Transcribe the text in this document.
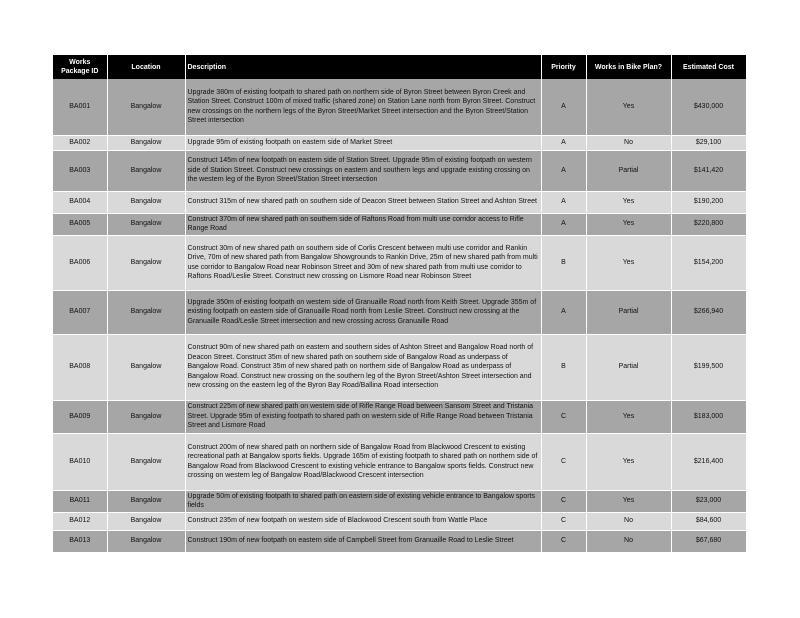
Works Package ID	Location	Description	Priority	Works in Bike Plan?	Estimated Cost
BA001	Bangalow	Upgrade 380m of existing footpath to shared path on northern side of Byron Street between Byron Creek and Station Street. Construct 100m of mixed traffic (shared zone) on Station Lane north from Byron Street. Construct new crossings on the northern legs of the Byron Street/Market Street intersection and the Byron Street/Station Street intersection	A	Yes	$430,000
BA002	Bangalow	Upgrade 95m of existing footpath on eastern side of Market Street	A	No	$29,100
BA003	Bangalow	Construct 145m of new footpath on eastern side of Station Street. Upgrade 95m of existing footpath on western side of Station Street. Construct new crossings on eastern and southern legs and upgrade existing crossing on the western leg of the Byron Street/Station Street intersection	A	Partial	$141,420
BA004	Bangalow	Construct 315m of new shared path on southern side of Deacon Street between Station Street and Ashton Street	A	Yes	$190,200
BA005	Bangalow	Construct 370m of new shared path on southern side of Raftons Road from multi use corridor access to Rifle Range Road	A	Yes	$220,800
BA006	Bangalow	Construct 30m of new shared path on southern side of Corlis Crescent between multi use corridor and Rankin Drive, 70m of new shared path from Bangalow Showgrounds to Rankin Drive, 25m of new shared path from multi use corridor to Bangalow Road near Robinson Street and 30m of new shared path from multi use corridor to Raftons Road/Leslie Street. Construct new crossing on Lismore Road near Robinson Street	B	Yes	$154,200
BA007	Bangalow	Upgrade 350m of existing footpath on western side of Granuaille Road north from Keith Street. Upgrade 355m of existing footpath on eastern side of Granuaille Road north from Leslie Street. Construct new crossing at the Granuaille Road/Leslie Street intersection and new crossing across Granuaille Road	A	Partial	$266,940
BA008	Bangalow	Construct 90m of new shared path on eastern and southern sides of Ashton Street and Bangalow Road north of Deacon Street. Construct 35m of new shared path on southern side of Bangalow Road as underpass of Bangalow Road. Construct 35m of new shared path on northern side of Bangalow Road as underpass of Bangalow Road. Construct new crossing on the southern leg of the Byron Street/Ashton Street intersection and new crossing on the eastern leg of the Byron Bay Road/Ballina Road intersection	B	Partial	$199,500
BA009	Bangalow	Construct 225m of new shared path on western side of Rifle Range Road between Sansom Street and Tristania Street. Upgrade 95m of existing footpath to shared path on western side of Rifle Range Road between Tristania Street and Lismore Road	C	Yes	$183,000
BA010	Bangalow	Construct 200m of new shared path on northern side of Bangalow Road from Blackwood Crescent to existing recreational path at Bangalow sports fields. Upgrade 165m of existing footpath to shared path on northern side of Bangalow Road from Blackwood Crescent to existing vehicle entrance to Bangalow sports fields. Construct new crossing on western leg of Bangalow Road/Blackwood Crescent intersection	C	Yes	$216,400
BA011	Bangalow	Upgrade 50m of existing footpath to shared path on eastern side of existing vehicle entrance to Bangalow sports fields	C	Yes	$23,000
BA012	Bangalow	Construct 235m of new footpath on western side of Blackwood Crescent south from Wattle Place	C	No	$84,600
BA013	Bangalow	Construct 190m of new footpath on eastern side of Campbell Street from Granuaille Road to Leslie Street	C	No	$67,680
